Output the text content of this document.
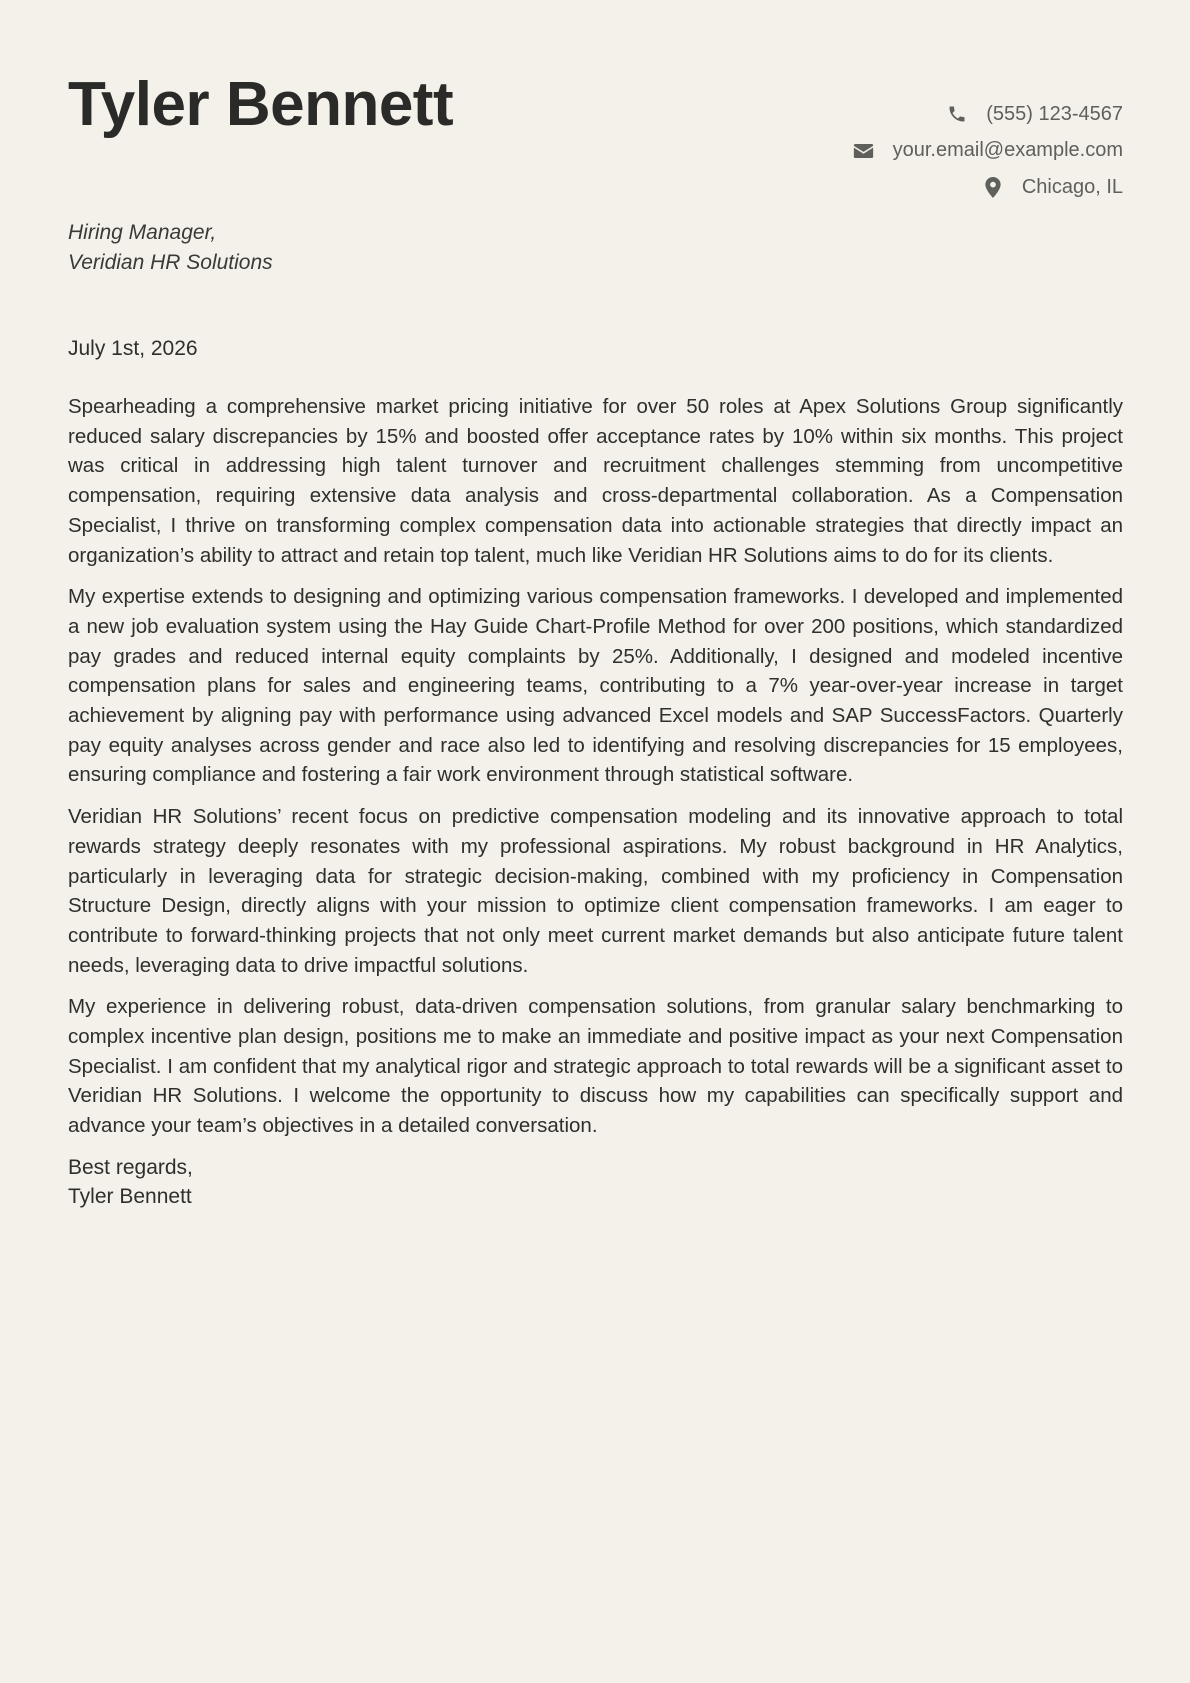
Tyler Bennett	(555) 123-4567
your.email@example.com
Chicago, IL
Hiring Manager,
Veridian HR Solutions
July 1st, 2026

Spearheading a comprehensive market pricing initiative for over 50 roles at Apex Solutions Group significantly reduced salary discrepancies by 15% and boosted offer acceptance rates by 10% within six months. This project was critical in addressing high talent turnover and recruitment challenges stemming from uncompetitive compensation, requiring extensive data analysis and cross-departmental collaboration. As a Compensation Specialist, I thrive on transforming complex compensation data into actionable strategies that directly impact an organization’s ability to attract and retain top talent, much like Veridian HR Solutions aims to do for its clients.

My expertise extends to designing and optimizing various compensation frameworks. I developed and implemented a new job evaluation system using the Hay Guide Chart-Profile Method for over 200 positions, which standardized pay grades and reduced internal equity complaints by 25%. Additionally, I designed and modeled incentive compensation plans for sales and engineering teams, contributing to a 7% year-over-year increase in target achievement by aligning pay with performance using advanced Excel models and SAP SuccessFactors. Quarterly pay equity analyses across gender and race also led to identifying and resolving discrepancies for 15 employees, ensuring compliance and fostering a fair work environment through statistical software.

Veridian HR Solutions’ recent focus on predictive compensation modeling and its innovative approach to total rewards strategy deeply resonates with my professional aspirations. My robust background in HR Analytics, particularly in leveraging data for strategic decision-making, combined with my proficiency in Compensation Structure Design, directly aligns with your mission to optimize client compensation frameworks. I am eager to contribute to forward-thinking projects that not only meet current market demands but also anticipate future talent needs, leveraging data to drive impactful solutions.

My experience in delivering robust, data-driven compensation solutions, from granular salary benchmarking to complex incentive plan design, positions me to make an immediate and positive impact as your next Compensation Specialist. I am confident that my analytical rigor and strategic approach to total rewards will be a significant asset to Veridian HR Solutions. I welcome the opportunity to discuss how my capabilities can specifically support and advance your team’s objectives in a detailed conversation.

Best regards,
Tyler Bennett
